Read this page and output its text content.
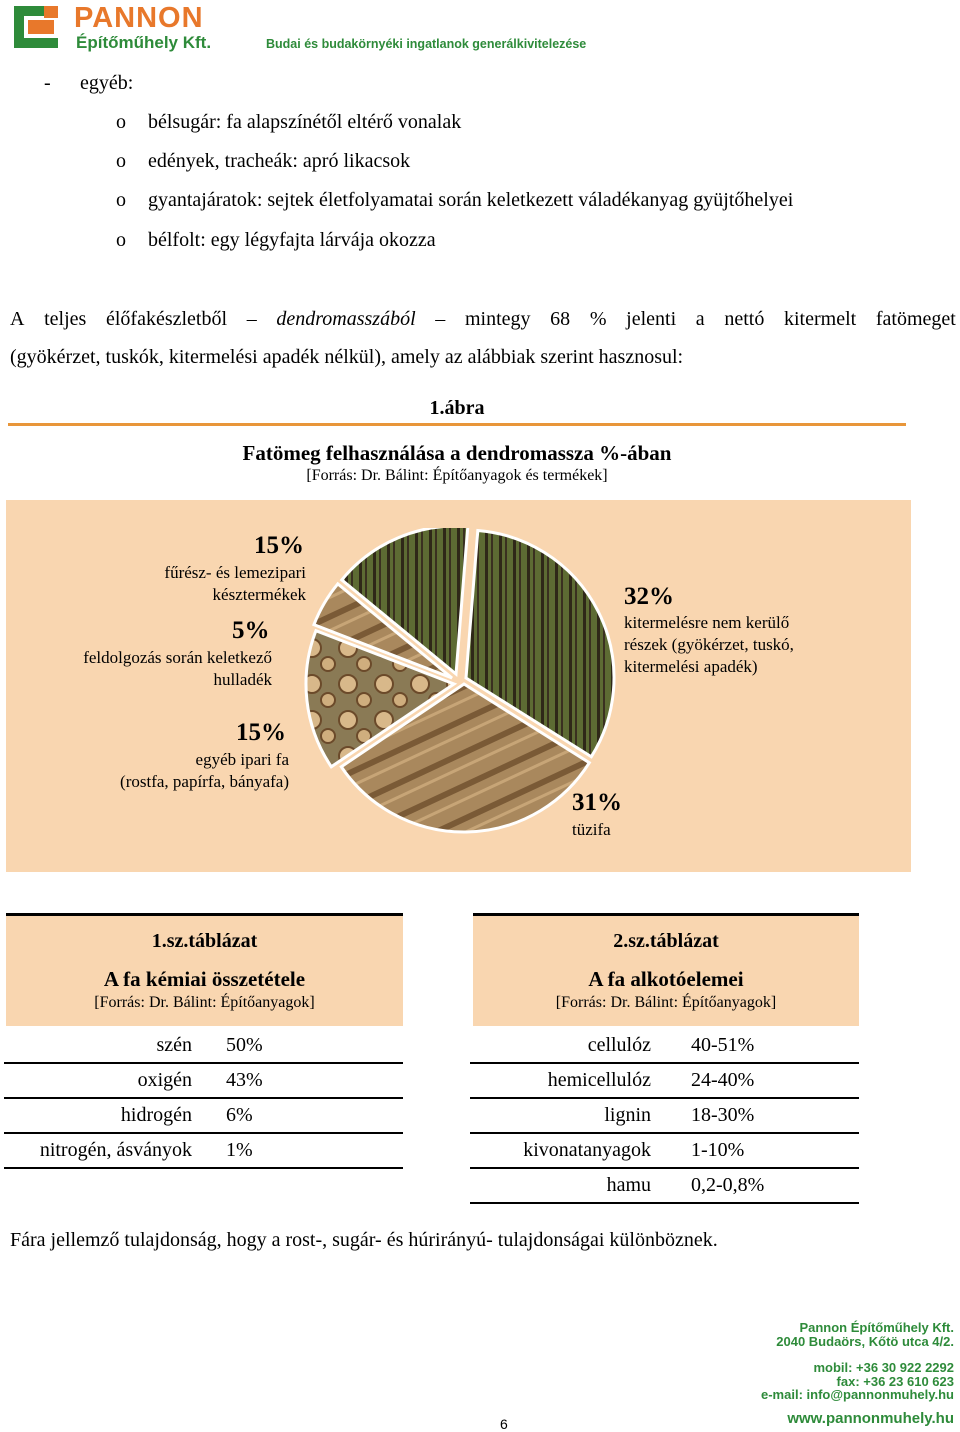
PANNON
Építőműhely Kft.	Budai és budakörnyéki ingatlanok generálkivitelezése
- egyéb:
o bélsugár: fa alapszínétől eltérő vonalak
o edények, tracheák: apró likacsok
o gyantajáratok: sejtek életfolyamatai során keletkezett váladékanyag gyüjtőhelyei
o bélfolt: egy légyfajta lárvája okozza
A teljes élőfakészletből – dendromasszából – mintegy 68 % jelenti a nettó kitermelt fatömeget
(gyökérzet, tuskók, kitermelési apadék nélkül), amely az alábbiak szerint hasznosul:
1.ábra
Fatömeg felhasználása a dendromassza %-ában
[Forrás: Dr. Bálint: Építőanyagok és termékek]
15%
fűrész- és lemezipari
késztermékek
5%
feldolgozás során keletkező
hulladék
15%
egyéb ipari fa
(rostfa, papírfa, bányafa)
32%
kitermelésre nem kerülő
részek (gyökérzet, tuskó,
kitermelési apadék)
31%
tüzifa
1.sz.táblázat
A fa kémiai összetétele
[Forrás: Dr. Bálint: Építőanyagok]
szén 50%
oxigén 43%
hidrogén 6%
nitrogén, ásványok 1%
2.sz.táblázat
A fa alkotóelemei
[Forrás: Dr. Bálint: Építőanyagok]
cellulóz 40-51%
hemicellulóz 24-40%
lignin 18-30%
kivonatanyagok 1-10%
hamu 0,2-0,8%
Fára jellemző tulajdonság, hogy a rost-, sugár- és húrirányú- tulajdonságai különböznek.
Pannon Építőműhely Kft.
2040 Budaörs, Kőtö utca 4/2.
mobil: +36 30 922 2292
fax: +36 23 610 623
e-mail: info@pannonmuhely.hu
www.pannonmuhely.hu
6
